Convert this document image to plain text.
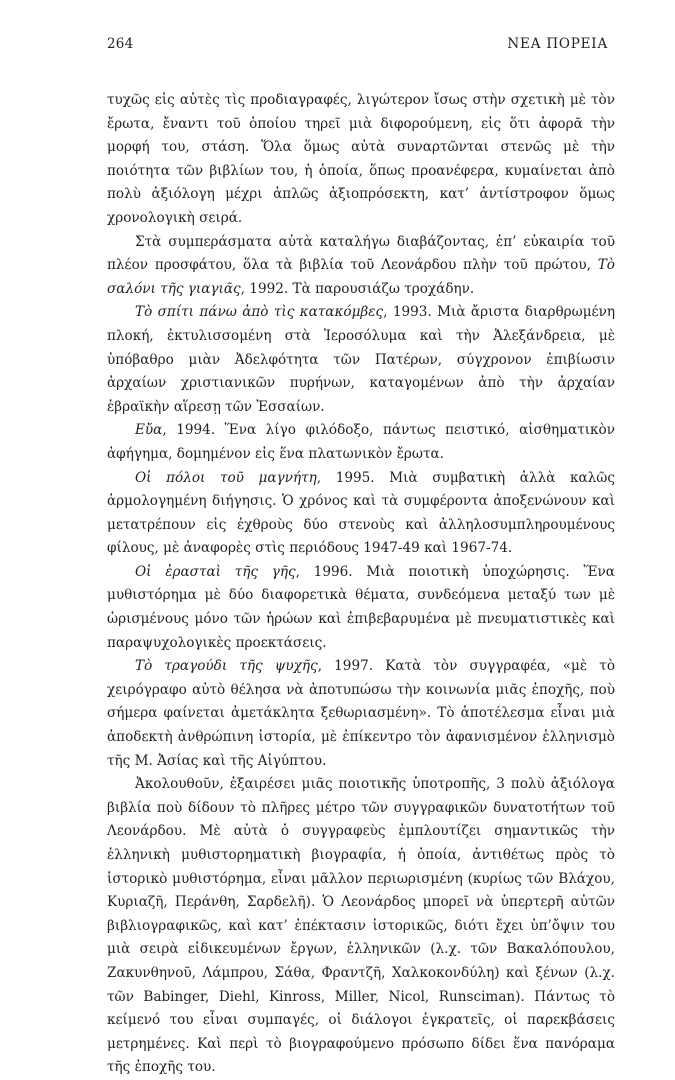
264	ΝΕΑ ΠΟΡΕΙΑ

τυχῶς εἰς αὐτὲς τὶς προδιαγραφές, λιγώτερον ἴσως στὴν σχετικὴ μὲ τὸν ἔρωτα, ἔναντι τοῦ ὁποίου τηρεῖ μιὰ διφορούμενη, εἰς ὅτι ἀφορᾶ τὴν μορφή του, στάση. Ὅλα ὅμως αὐτὰ συναρτῶνται στενῶς μὲ τὴν ποιότητα τῶν βιβλίων του, ἡ ὁποία, ὅπως προανέφερα, κυμαίνεται ἀπὸ πολὺ ἀξιόλογη μέχρι ἁπλῶς ἀξιοπρόσεκτη, κατ’ ἀντίστροφον ὅμως χρονολογικὴ σειρά.

Στὰ συμπεράσματα αὐτὰ καταλήγω διαβάζοντας, ἐπ’ εὐκαιρία τοῦ πλέον προσφάτου, ὅλα τὰ βιβλία τοῦ Λεονάρδου πλὴν τοῦ πρώτου, Τὸ σαλόνι τῆς γιαγιᾶς, 1992. Τὰ παρουσιάζω τροχάδην.

Τὸ σπίτι πάνω ἀπὸ τὶς κατακόμβες, 1993. Μιὰ ἄριστα διαρθρωμένη πλοκή, ἐκτυλισσομένη στὰ Ἱεροσόλυμα καὶ τὴν Ἀλεξάνδρεια, μὲ ὑπόβαθρο μιὰν Ἀδελφότητα τῶν Πατέρων, σύγχρονον ἐπιβίωσιν ἀρχαίων χριστιανικῶν πυρήνων, καταγομένων ἀπὸ τὴν ἀρχαίαν ἑβραϊκὴν αἵρεσῃ τῶν Ἐσσαίων.

Εὔα, 1994. Ἕνα λίγο φιλόδοξο, πάντως πειστικό, αἰσθηματικὸν ἀφήγημα, δομημένον εἰς ἕνα πλατωνικὸν ἔρωτα.

Οἱ πόλοι τοῦ μαγνήτη, 1995. Μιὰ συμβατικὴ ἀλλὰ καλῶς ἁρμολογημένη διήγησις. Ὁ χρόνος καὶ τὰ συμφέροντα ἀποξενώνουν καὶ μετατρέπουν εἰς ἐχθροὺς δύο στενοὺς καὶ ἀλληλοσυμπληρουμένους φίλους, μὲ ἀναφορὲς στὶς περιόδους 1947-49 καὶ 1967-74.

Οἱ ἐρασταὶ τῆς γῆς, 1996. Μιὰ ποιοτικὴ ὑποχώρησις. Ἕνα μυθιστόρημα μὲ δύο διαφορετικὰ θέματα, συνδεόμενα μεταξύ των μὲ ὡρισμένους μόνο τῶν ἡρώων καὶ ἐπιβεβαρυμένα μὲ πνευματιστικὲς καὶ παραψυχολογικὲς προεκτάσεις.

Τὸ τραγούδι τῆς ψυχῆς, 1997. Κατὰ τὸν συγγραφέα, «μὲ τὸ χειρόγραφο αὐτὸ θέλησα νὰ ἀποτυπώσω τὴν κοινωνία μιᾶς ἐποχῆς, ποὺ σήμερα φαίνεται ἀμετάκλητα ξεθωριασμένη». Τὸ ἀποτέλεσμα εἶναι μιὰ ἀποδεκτὴ ἀνθρώπινη ἱστορία, μὲ ἐπίκεντρο τὸν ἀφανισμένον ἑλληνισμὸ τῆς Μ. Ἀσίας καὶ τῆς Αἰγύπτου.

Ἀκολουθοῦν, ἐξαιρέσει μιᾶς ποιοτικῆς ὑποτροπῆς, 3 πολὺ ἀξιόλογα βιβλία ποὺ δίδουν τὸ πλῆρες μέτρο τῶν συγγραφικῶν δυνατοτήτων τοῦ Λεονάρδου. Μὲ αὐτὰ ὁ συγγραφεὺς ἐμπλουτίζει σημαντικῶς τὴν ἑλληνικὴ μυθιστορηματικὴ βιογραφία, ἡ ὁποία, ἀντιθέτως πρὸς τὸ ἱστορικὸ μυθιστόρημα, εἶναι μᾶλλον περιωρισμένη (κυρίως τῶν Βλάχου, Κυριαζῆ, Περάνθη, Σαρδελῆ). Ὁ Λεονάρδος μπορεῖ νὰ ὑπερτερῆ αὐτῶν βιβλιογραφικῶς, καὶ κατ’ ἐπέκτασιν ἱστορικῶς, διότι ἔχει ὑπ’ὄψιν του μιὰ σειρὰ εἰδικευμένων ἔργων, ἑλληνικῶν (λ.χ. τῶν Βακαλόπουλου, Ζακυνθηνοῦ, Λάμπρου, Σάθα, Φραντζῆ, Χαλκοκονδύλη) καὶ ξένων (λ.χ. τῶν Babinger, Diehl, Kinross, Miller, Nicol, Runsciman). Πάντως τὸ κείμενό του εἶναι συμπαγές, οἱ διάλογοι ἐγκρατεῖς, οἱ παρεκβάσεις μετρημένες. Καὶ περὶ τὸ βιογραφούμενο πρόσωπο δίδει ἕνα πανόραμα τῆς ἐποχῆς του.
